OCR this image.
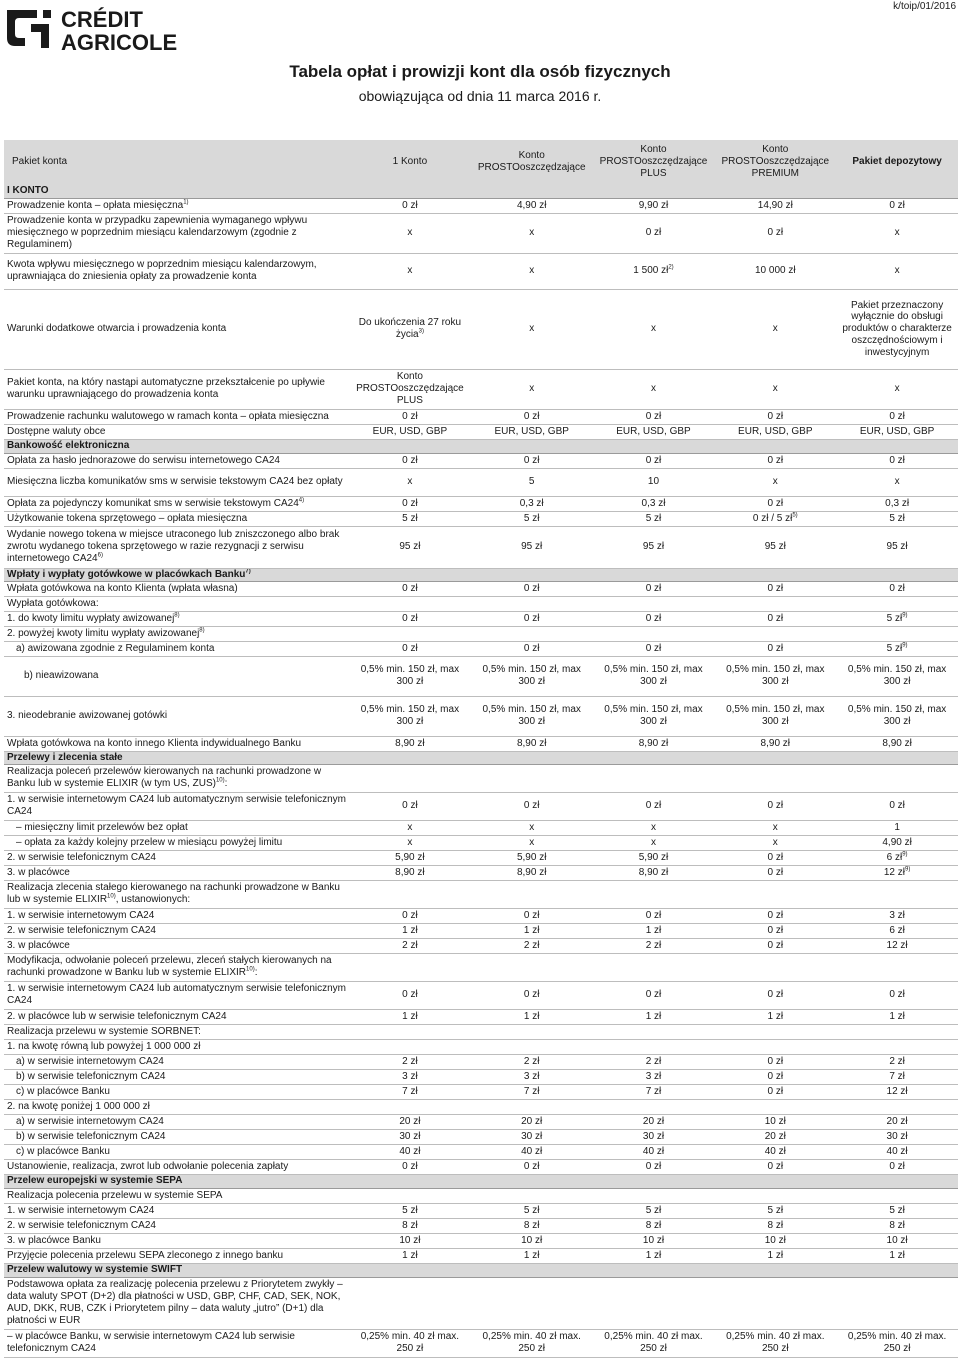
CRÉDIT
AGRICOLE
k/toip/01/2016
Tabela opłat i prowizji kont dla osób fizycznych
obowiązująca od dnia 11 marca 2016 r.
Pakiet konta	1 Konto	Konto PROSTOoszczędzające	Konto PROSTOoszczędzające PLUS	Konto PROSTOoszczędzające PREMIUM	Pakiet depozytowy
I KONTO					
Prowadzenie konta – opłata miesięczna$^{1)}$	0 zł	4,90 zł	9,90 zł	14,90 zł	0 zł
Prowadzenie konta w przypadku zapewnienia wymaganego wpływu miesięcznego w poprzednim miesiącu kalendarzowym (zgodnie z Regulaminem)	x	x	0 zł	0 zł	x
Kwota wpływu miesięcznego w poprzednim miesiącu kalendarzowym, uprawniająca do zniesienia opłaty za prowadzenie konta	x	x	1 500 $zł^{2)}$	10 000 zł	x
Warunki dodatkowe otwarcia i prowadzenia konta	Do ukończenia 27 roku życia$^{3)}$	x	x	x	Pakiet przeznaczony wyłącznie do obsługi produktów o charakterze oszczędnościowym i inwestycyjnym
Pakiet konta, na który nastąpi automatyczne przekształcenie po upływie warunku uprawniającego do prowadzenia konta	Konto PROSTOoszczędzające PLUS	x	x	x	x
Prowadzenie rachunku walutowego w ramach konta – opłata miesięczna	0 zł	0 zł	0 zł	0 zł	0 zł
Dostępne waluty obce	EUR, USD, GBP	EUR, USD, GBP	EUR, USD, GBP	EUR, USD, GBP	EUR, USD, GBP
Bankowość elektroniczna					
Opłata za hasło jednorazowe do serwisu internetowego CA24	0 zł	0 zł	0 zł	0 zł	0 zł
Miesięczna liczba komunikatów sms w serwisie tekstowym CA24 bez opłaty	x	5	10	x	x
Opłata za pojedynczy komunikat sms w serwisie tekstowym CA24$^{4)}$	0 zł	0,3 zł	0,3 zł	0 zł	0,3 zł
Użytkowanie tokena sprzętowego – opłata miesięczna	5 zł	5 zł	5 zł	0 zł / 5 $zł^{5)}$	5 zł
Wydanie nowego tokena w miejsce utraconego lub zniszczonego albo brak zwrotu wydanego tokena sprzętowego w razie rezygnacji z serwisu internetowego CA24$^{6)}$	95 zł	95 zł	95 zł	95 zł	95 zł
Wpłaty i wypłaty gotówkowe w placówkach Banku$^{7)}$
Wpłata gotówkowa na konto Klienta (wpłata własna)	0 zł	0 zł	0 zł	0 zł	0 zł
Wypłata gotówkowa:					
1. do kwoty limitu wypłaty awizowanej$^{8)}$	0 zł	0 zł	0 zł	0 zł	5 $zł^{9)}$
2. powyżej kwoty limitu wypłaty awizowanej$^{8)}$					
a) awizowana zgodnie z Regulaminem konta	0 zł	0 zł	0 zł	0 zł	5 $zł^{9)}$
b) nieawizowana	0,5% min. 150 zł, max 300 zł	0,5% min. 150 zł, max 300 zł	0,5% min. 150 zł, max 300 zł	0,5% min. 150 zł, max 300 zł	0,5% min. 150 zł, max 300 zł
3. nieodebranie awizowanej gotówki	0,5% min. 150 zł, max 300 zł	0,5% min. 150 zł, max 300 zł	0,5% min. 150 zł, max 300 zł	0,5% min. 150 zł, max 300 zł	0,5% min. 150 zł, max 300 zł
Wpłata gotówkowa na konto innego Klienta indywidualnego Banku	8,90 zł	8,90 zł	8,90 zł	8,90 zł	8,90 zł
Przelewy i zlecenia stałe					
Realizacja poleceń przelewów kierowanych na rachunki prowadzone w Banku lub w systemie ELIXIR (w tym US, ZUS)$^{10)}$:					
1. w serwisie internetowym CA24 lub automatycznym serwisie telefonicznym CA24	0 zł	0 zł	0 zł	0 zł	0 zł
– miesięczny limit przelewów bez opłat	x	x	x	x	1
– opłata za każdy kolejny przelew w miesiącu powyżej limitu	x	x	x	x	4,90 zł
2. w serwisie telefonicznym CA24	5,90 zł	5,90 zł	5,90 zł	0 zł	6 $zł^{9)}$
3. w placówce	8,90 zł	8,90 zł	8,90 zł	0 zł	12 $zł^{9)}$
Realizacja zlecenia stałego kierowanego na rachunki prowadzone w Banku lub w systemie ELIXIR$^{10)}$, ustanowionych:					
1. w serwisie internetowym CA24	0 zł	0 zł	0 zł	0 zł	3 zł
2. w serwisie telefonicznym CA24	1 zł	1 zł	1 zł	0 zł	6 zł
3. w placówce	2 zł	2 zł	2 zł	0 zł	12 zł
Modyfikacja, odwołanie poleceń przelewu, zleceń stałych kierowanych na rachunki prowadzone w Banku lub w systemie ELIXIR$^{10)}$:					
1. w serwisie internetowym CA24 lub automatycznym serwisie telefonicznym CA24	0 zł	0 zł	0 zł	0 zł	0 zł
2. w placówce lub w serwisie telefonicznym CA24	1 zł	1 zł	1 zł	1 zł	1 zł
Realizacja przelewu w systemie SORBNET:					
1. na kwotę równą lub powyżej 1 000 000 zł					
a) w serwisie internetowym CA24	2 zł	2 zł	2 zł	0 zł	2 zł
b) w serwisie telefonicznym CA24	3 zł	3 zł	3 zł	0 zł	7 zł
c) w placówce Banku	7 zł	7 zł	7 zł	0 zł	12 zł
2. na kwotę poniżej 1 000 000 zł					
a) w serwisie internetowym CA24	20 zł	20 zł	20 zł	10 zł	20 zł
b) w serwisie telefonicznym CA24	30 zł	30 zł	30 zł	20 zł	30 zł
c) w placówce Banku	40 zł	40 zł	40 zł	40 zł	40 zł
Ustanowienie, realizacja, zwrot lub odwołanie polecenia zapłaty	0 zł	0 zł	0 zł	0 zł	0 zł
Przelew europejski w systemie SEPA					
Realizacja polecenia przelewu w systemie SEPA					
1. w serwisie internetowym CA24	5 zł	5 zł	5 zł	5 zł	5 zł
2. w serwisie telefonicznym CA24	8 zł	8 zł	8 zł	8 zł	8 zł
3. w placówce Banku	10 zł	10 zł	10 zł	10 zł	10 zł
Przyjęcie polecenia przelewu SEPA zleconego z innego banku	1 zł	1 zł	1 zł	1 zł	1 zł
Przelew walutowy w systemie SWIFT					
Podstawowa opłata za realizację polecenia przelewu z Priorytetem zwykły – data waluty SPOT (D+2) dla płatności w USD, GBP, CHF, CAD, SEK, NOK, AUD, DKK, RUB, CZK i Priorytetem pilny – data waluty „jutro” (D+1) dla płatności w EUR					
– w placówce Banku, w serwisie internetowym CA24 lub serwisie telefonicznym CA24	0,25% min. 40 zł max. 250 zł	0,25% min. 40 zł max. 250 zł	0,25% min. 40 zł max. 250 zł	0,25% min. 40 zł max. 250 zł	0,25% min. 40 zł max. 250 zł
